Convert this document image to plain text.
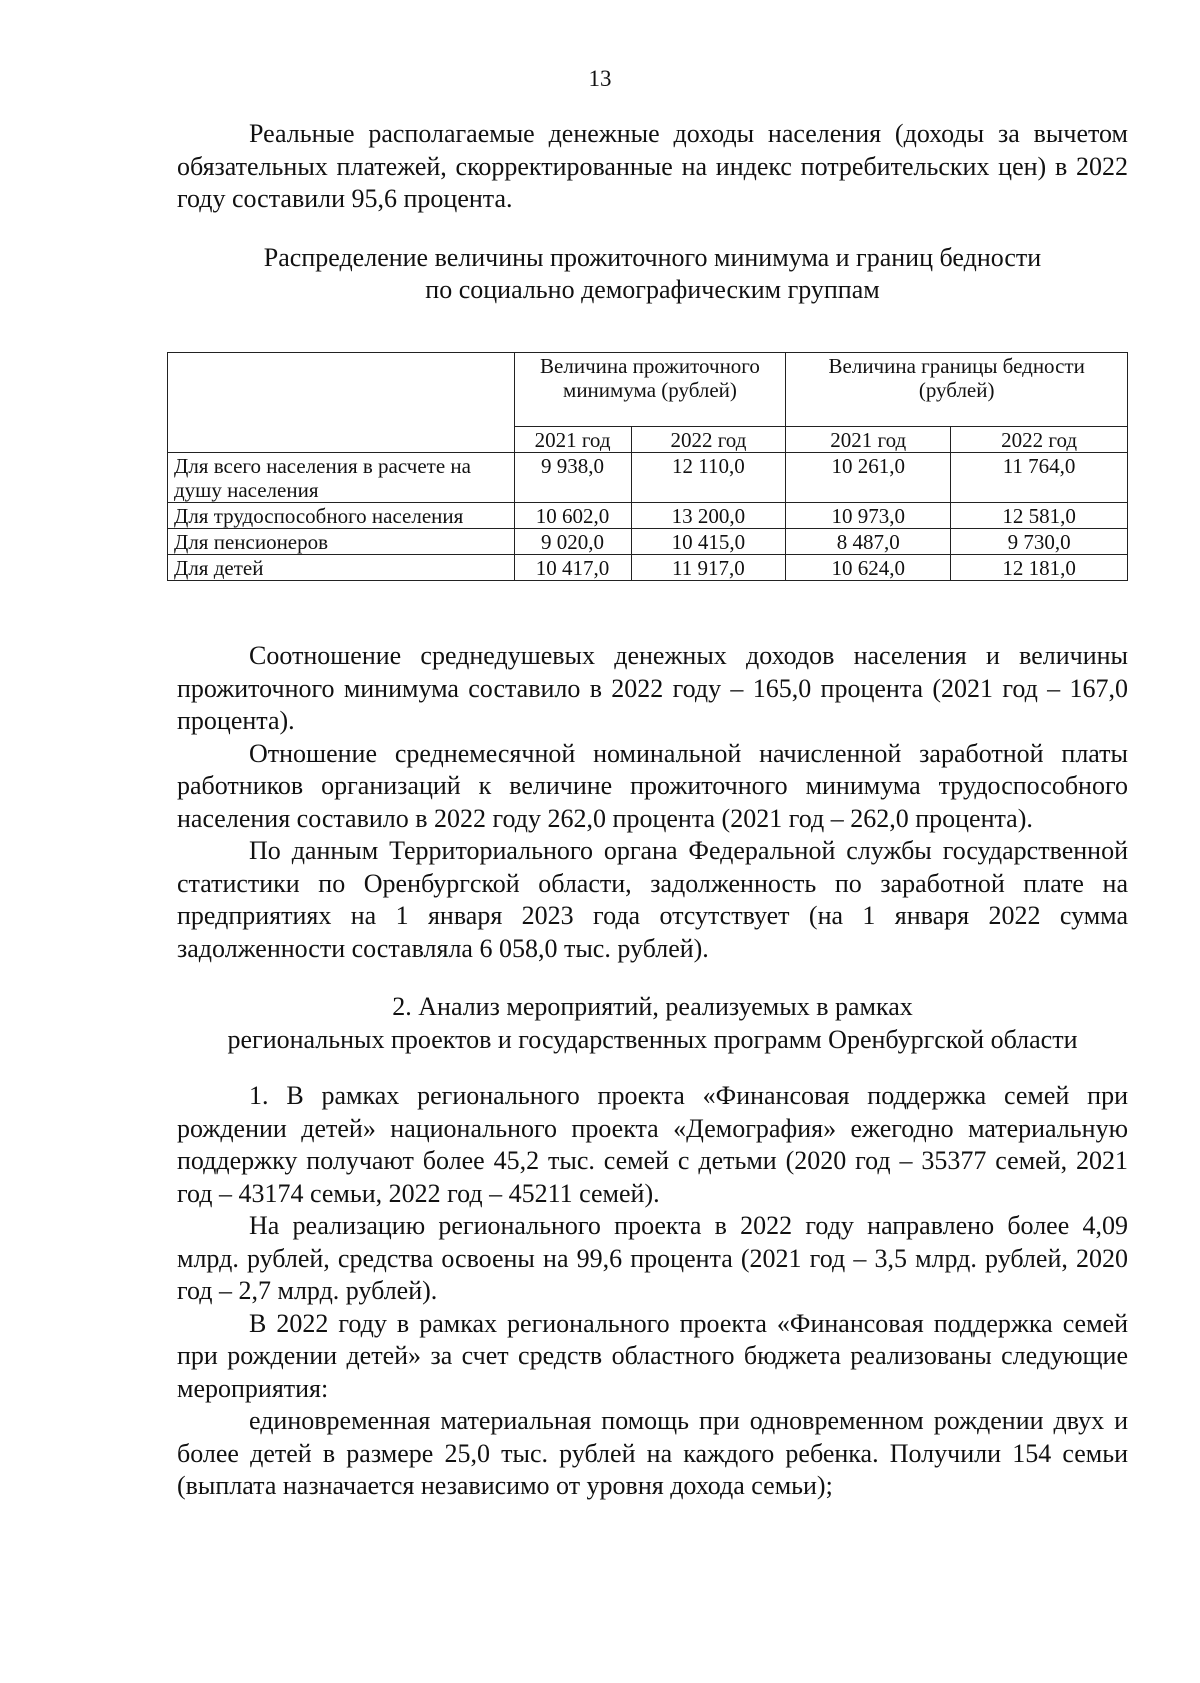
13

Реальные располагаемые денежные доходы населения (доходы за вычетом обязательных платежей, скорректированные на индекс потребительских цен) в 2022 году составили 95,6 процента.

Распределение величины прожиточного минимума и границ бедности

по социально демографическим группам

	Величина прожиточного минимума (рублей)		Величина границы бедности (рублей)	
	2021 год	2022 год	2021 год	2022 год
Для всего населения в расчете на душу населения	9 938,0	12 110,0	10 261,0	11 764,0
Для трудоспособного населения	10 602,0	13 200,0	10 973,0	12 581,0
Для пенсионеров	9 020,0	10 415,0	8 487,0	9 730,0
Для детей	10 417,0	11 917,0	10 624,0	12 181,0

Соотношение среднедушевых денежных доходов населения и величины прожиточного минимума составило в 2022 году – 165,0 процента (2021 год – 167,0 процента).

Отношение среднемесячной номинальной начисленной заработной платы работников организаций к величине прожиточного минимума трудоспособного населения составило в 2022 году 262,0 процента (2021 год – 262,0 процента).

По данным Территориального органа Федеральной службы государственной статистики по Оренбургской области, задолженность по заработной плате на предприятиях на 1 января 2023 года отсутствует (на 1 января 2022 сумма задолженности составляла 6 058,0 тыс. рублей).

2. Анализ мероприятий, реализуемых в рамках

региональных проектов и государственных программ Оренбургской области

1. В рамках регионального проекта «Финансовая поддержка семей при рождении детей» национального проекта «Демография» ежегодно материальную поддержку получают более 45,2 тыс. семей с детьми (2020 год – 35377 семей, 2021 год – 43174 семьи, 2022 год – 45211 семей).

На реализацию регионального проекта в 2022 году направлено более 4,09 млрд. рублей, средства освоены на 99,6 процента (2021 год – 3,5 млрд. рублей, 2020 год – 2,7 млрд. рублей).

В 2022 году в рамках регионального проекта «Финансовая поддержка семей при рождении детей» за счет средств областного бюджета реализованы следующие мероприятия:

единовременная материальная помощь при одновременном рождении двух и более детей в размере 25,0 тыс. рублей на каждого ребенка. Получили 154 семьи (выплата назначается независимо от уровня дохода семьи);
